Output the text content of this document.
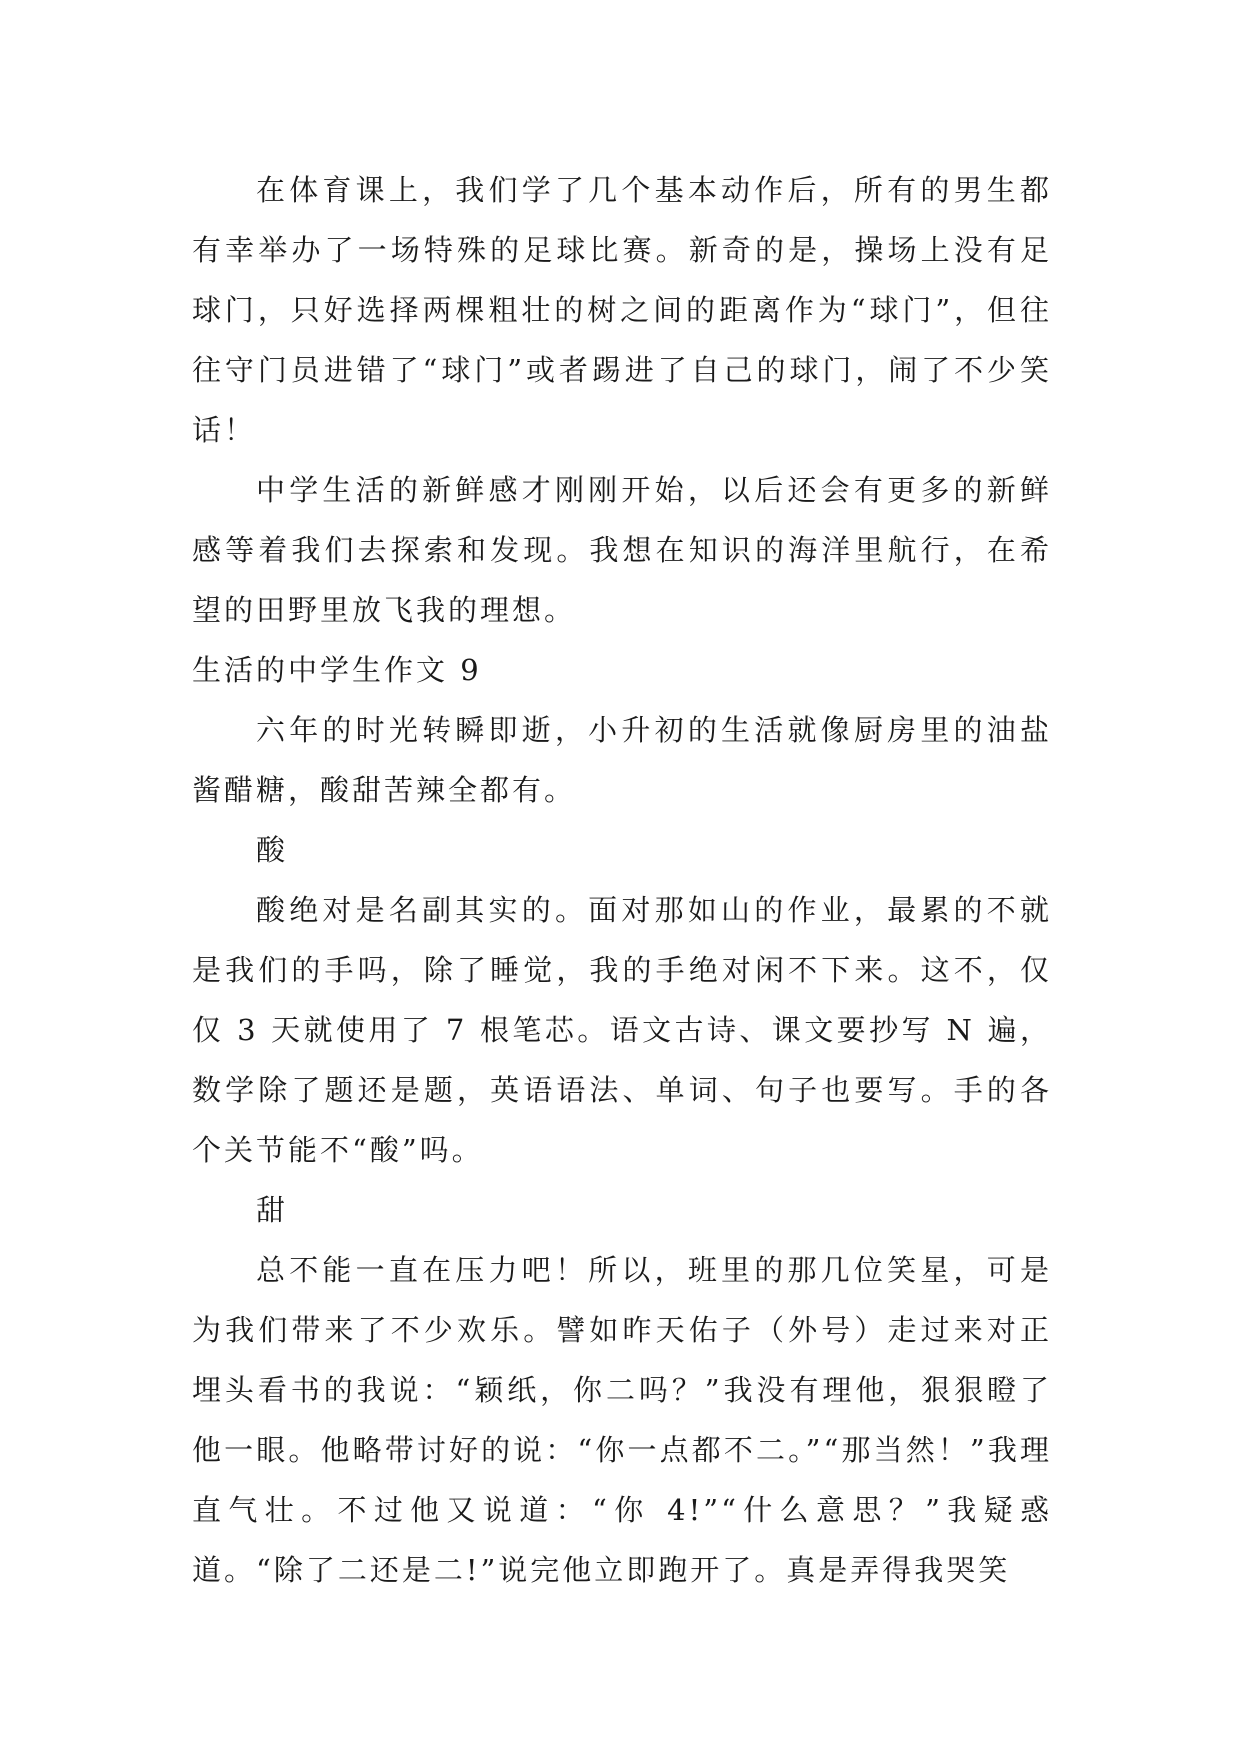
在体育课上，我们学了几个基本动作后，所有的男生都有幸举办了一场特殊的足球比赛。新奇的是，操场上没有足球门，只好选择两棵粗壮的树之间的距离作为“球门”，但往往守门员进错了“球门”或者踢进了自己的球门，闹了不少笑话！

中学生活的新鲜感才刚刚开始，以后还会有更多的新鲜感等着我们去探索和发现。我想在知识的海洋里航行，在希望的田野里放飞我的理想。

生活的中学生作文 9

六年的时光转瞬即逝，小升初的生活就像厨房里的油盐酱醋糖，酸甜苦辣全都有。

酸

酸绝对是名副其实的。面对那如山的作业，最累的不就是我们的手吗，除了睡觉，我的手绝对闲不下来。这不，仅仅 3 天就使用了 7 根笔芯。语文古诗、课文要抄写 N 遍，数学除了题还是题，英语语法、单词、句子也要写。手的各个关节能不“酸”吗。

甜

总不能一直在压力吧！所以，班里的那几位笑星，可是为我们带来了不少欢乐。譬如昨天佑子（外号）走过来对正埋头看书的我说：“颖纸，你二吗？”我没有理他，狠狠瞪了他一眼。他略带讨好的说：“你一点都不二。”“那当然！”我理直气壮。不过他又说道：“你 4!”“什么意思？”我疑惑道。“除了二还是二!”说完他立即跑开了。真是弄得我哭笑
